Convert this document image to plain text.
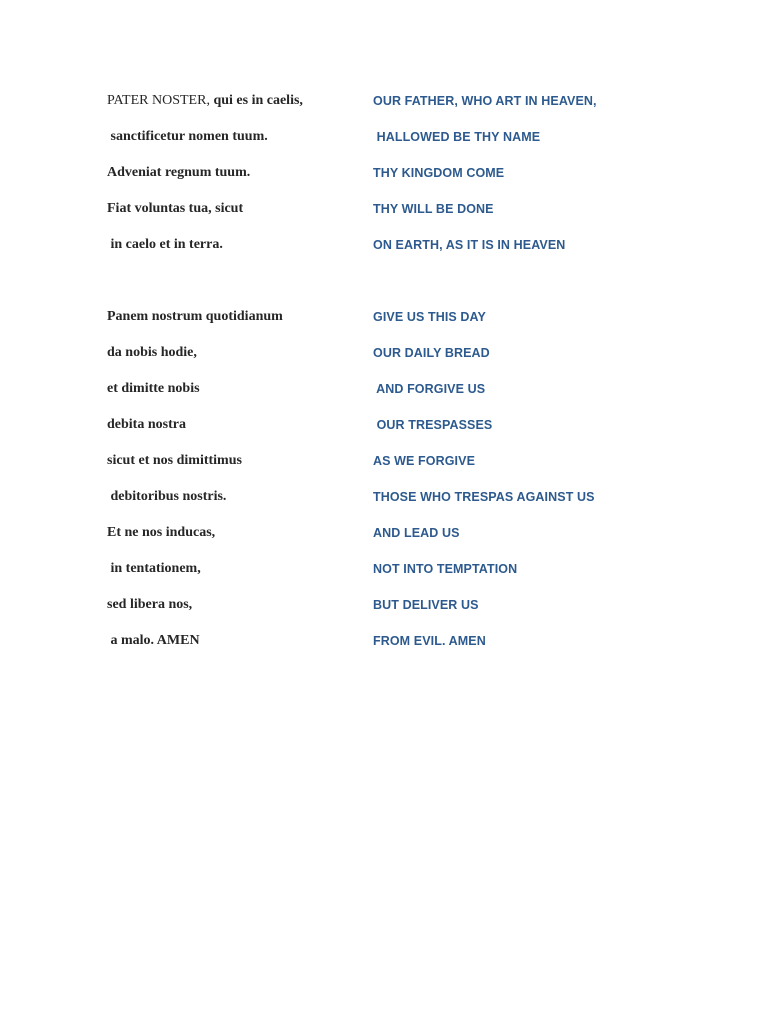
PATER NOSTER, qui es in caelis,	OUR FATHER, WHO ART IN HEAVEN,
sanctificetur nomen tuum.	HALLOWED BE THY NAME
Adveniat regnum tuum.	THY KINGDOM COME
Fiat voluntas tua, sicut	THY WILL BE DONE
in caelo et in terra.	ON EARTH, AS IT IS IN HEAVEN
Panem nostrum quotidianum	GIVE US THIS DAY
da nobis hodie,	OUR DAILY BREAD
et dimitte nobis	AND FORGIVE US
debita nostra	OUR TRESPASSES
sicut et nos dimittimus	AS WE FORGIVE
debitoribus nostris.	THOSE WHO TRESPAS AGAINST US
Et ne nos inducas,	AND LEAD US
in tentationem,	NOT INTO TEMPTATION
sed libera nos,	BUT DELIVER US
a malo. AMEN	FROM EVIL. AMEN
